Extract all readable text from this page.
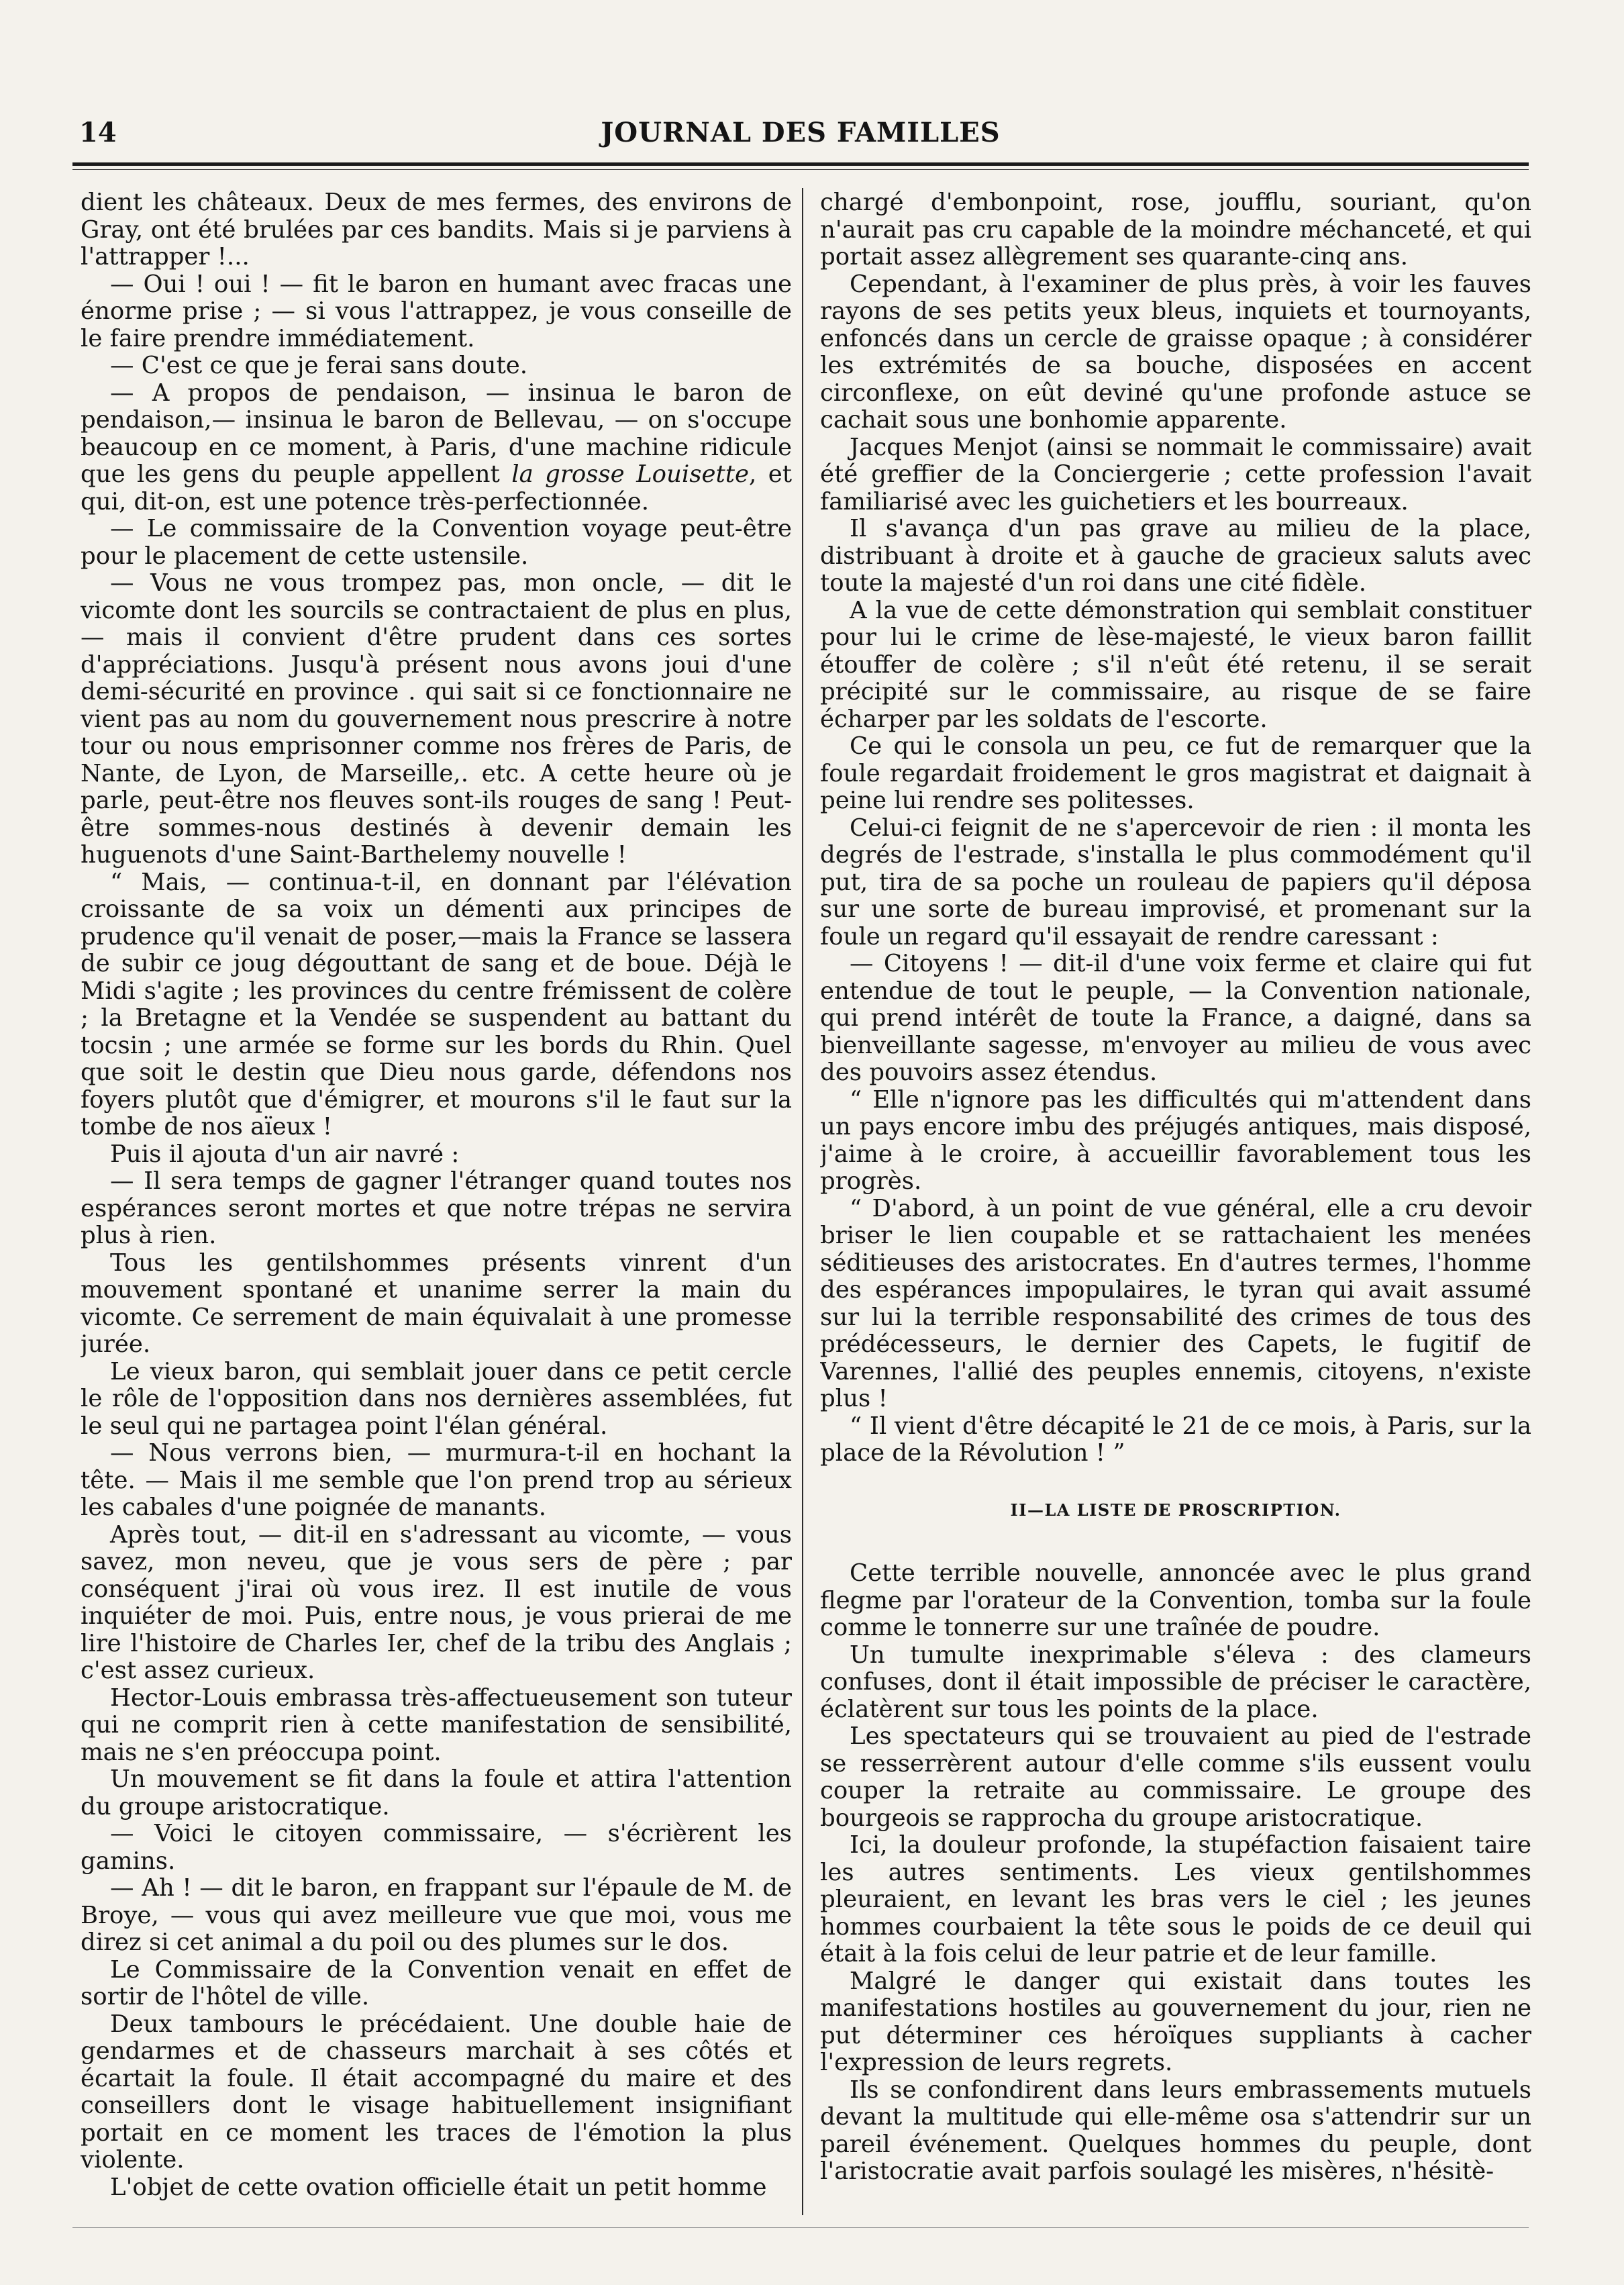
14	JOURNAL DES FAMILLES

dient les châteaux. Deux de mes fermes, des environs de Gray, ont été brulées par ces bandits. Mais si je parviens à l'attrapper !...

— Oui ! oui ! — fit le baron en humant avec fracas une énorme prise ; — si vous l'attrappez, je vous conseille de le faire prendre immédiatement.

— C'est ce que je ferai sans doute.

— A propos de pendaison, — insinua le baron de pendaison,— insinua le baron de Bellevau, — on s'occupe beaucoup en ce moment, à Paris, d'une machine ridicule que les gens du peuple appellent la grosse Louisette, et qui, dit-on, est une potence très-perfectionnée.

— Le commissaire de la Convention voyage peut-être pour le placement de cette ustensile.

— Vous ne vous trompez pas, mon oncle, — dit le vicomte dont les sourcils se contractaient de plus en plus, — mais il convient d'être prudent dans ces sortes d'appréciations. Jusqu'à présent nous avons joui d'une demi-sécurité en province . qui sait si ce fonctionnaire ne vient pas au nom du gouvernement nous prescrire à notre tour ou nous emprisonner comme nos frères de Paris, de Nante, de Lyon, de Marseille,. etc. A cette heure où je parle, peut-être nos fleuves sont-ils rouges de sang ! Peut-être sommes-nous destinés à devenir demain les huguenots d'une Saint-Barthelemy nouvelle !

“ Mais, — continua-t-il, en donnant par l'élévation croissante de sa voix un démenti aux principes de prudence qu'il venait de poser,—mais la France se lassera de subir ce joug dégouttant de sang et de boue. Déjà le Midi s'agite ; les provinces du centre frémissent de colère ; la Bretagne et la Vendée se suspendent au battant du tocsin ; une armée se forme sur les bords du Rhin. Quel que soit le destin que Dieu nous garde, défendons nos foyers plutôt que d'émigrer, et mourons s'il le faut sur la tombe de nos aïeux !

Puis il ajouta d'un air navré :

— Il sera temps de gagner l'étranger quand toutes nos espérances seront mortes et que notre trépas ne servira plus à rien.

Tous les gentilshommes présents vinrent d'un mouvement spontané et unanime serrer la main du vicomte. Ce serrement de main équivalait à une promesse jurée.

Le vieux baron, qui semblait jouer dans ce petit cercle le rôle de l'opposition dans nos dernières assemblées, fut le seul qui ne partagea point l'élan général.

— Nous verrons bien, — murmura-t-il en hochant la tête. — Mais il me semble que l'on prend trop au sérieux les cabales d'une poignée de manants.

Après tout, — dit-il en s'adressant au vicomte, — vous savez, mon neveu, que je vous sers de père ; par conséquent j'irai où vous irez. Il est inutile de vous inquiéter de moi. Puis, entre nous, je vous prierai de me lire l'histoire de Charles Ier, chef de la tribu des Anglais ; c'est assez curieux.

Hector-Louis embrassa très-affectueusement son tuteur qui ne comprit rien à cette manifestation de sensibilité, mais ne s'en préoccupa point.

Un mouvement se fit dans la foule et attira l'attention du groupe aristocratique.

— Voici le citoyen commissaire, — s'écrièrent les gamins.

— Ah ! — dit le baron, en frappant sur l'épaule de M. de Broye, — vous qui avez meilleure vue que moi, vous me direz si cet animal a du poil ou des plumes sur le dos.

Le Commissaire de la Convention venait en effet de sortir de l'hôtel de ville.

Deux tambours le précédaient. Une double haie de gendarmes et de chasseurs marchait à ses côtés et écartait la foule. Il était accompagné du maire et des conseillers dont le visage habituellement insignifiant portait en ce moment les traces de l'émotion la plus violente.

L'objet de cette ovation officielle était un petit homme

chargé d'embonpoint, rose, joufflu, souriant, qu'on n'aurait pas cru capable de la moindre méchanceté, et qui portait assez allègrement ses quarante-cinq ans.

Cependant, à l'examiner de plus près, à voir les fauves rayons de ses petits yeux bleus, inquiets et tournoyants, enfoncés dans un cercle de graisse opaque ; à considérer les extrémités de sa bouche, disposées en accent circonflexe, on eût deviné qu'une profonde astuce se cachait sous une bonhomie apparente.

Jacques Menjot (ainsi se nommait le commissaire) avait été greffier de la Conciergerie ; cette profession l'avait familiarisé avec les guichetiers et les bourreaux.

Il s'avança d'un pas grave au milieu de la place, distribuant à droite et à gauche de gracieux saluts avec toute la majesté d'un roi dans une cité fidèle.

A la vue de cette démonstration qui semblait constituer pour lui le crime de lèse-majesté, le vieux baron faillit étouffer de colère ; s'il n'eût été retenu, il se serait précipité sur le commissaire, au risque de se faire écharper par les soldats de l'escorte.

Ce qui le consola un peu, ce fut de remarquer que la foule regardait froidement le gros magistrat et daignait à peine lui rendre ses politesses.

Celui-ci feignit de ne s'apercevoir de rien : il monta les degrés de l'estrade, s'installa le plus commodément qu'il put, tira de sa poche un rouleau de papiers qu'il déposa sur une sorte de bureau improvisé, et promenant sur la foule un regard qu'il essayait de rendre caressant :

— Citoyens ! — dit-il d'une voix ferme et claire qui fut entendue de tout le peuple, — la Convention nationale, qui prend intérêt de toute la France, a daigné, dans sa bienveillante sagesse, m'envoyer au milieu de vous avec des pouvoirs assez étendus.

“ Elle n'ignore pas les difficultés qui m'attendent dans un pays encore imbu des préjugés antiques, mais disposé, j'aime à le croire, à accueillir favorablement tous les progrès.

“ D'abord, à un point de vue général, elle a cru devoir briser le lien coupable et se rattachaient les menées séditieuses des aristocrates. En d'autres termes, l'homme des espérances impopulaires, le tyran qui avait assumé sur lui la terrible responsabilité des crimes de tous des prédécesseurs, le dernier des Capets, le fugitif de Varennes, l'allié des peuples ennemis, citoyens, n'existe plus !

“ Il vient d'être décapité le 21 de ce mois, à Paris, sur la place de la Révolution ! ”

II—LA LISTE DE PROSCRIPTION.

Cette terrible nouvelle, annoncée avec le plus grand flegme par l'orateur de la Convention, tomba sur la foule comme le tonnerre sur une traînée de poudre.

Un tumulte inexprimable s'éleva : des clameurs confuses, dont il était impossible de préciser le caractère, éclatèrent sur tous les points de la place.

Les spectateurs qui se trouvaient au pied de l'estrade se resserrèrent autour d'elle comme s'ils eussent voulu couper la retraite au commissaire. Le groupe des bourgeois se rapprocha du groupe aristocratique.

Ici, la douleur profonde, la stupéfaction faisaient taire les autres sentiments. Les vieux gentilshommes pleuraient, en levant les bras vers le ciel ; les jeunes hommes courbaient la tête sous le poids de ce deuil qui était à la fois celui de leur patrie et de leur famille.

Malgré le danger qui existait dans toutes les manifestations hostiles au gouvernement du jour, rien ne put déterminer ces héroïques suppliants à cacher l'expression de leurs regrets.

Ils se confondirent dans leurs embrassements mutuels devant la multitude qui elle-même osa s'attendrir sur un pareil événement. Quelques hommes du peuple, dont l'aristocratie avait parfois soulagé les misères, n'hésitè-
